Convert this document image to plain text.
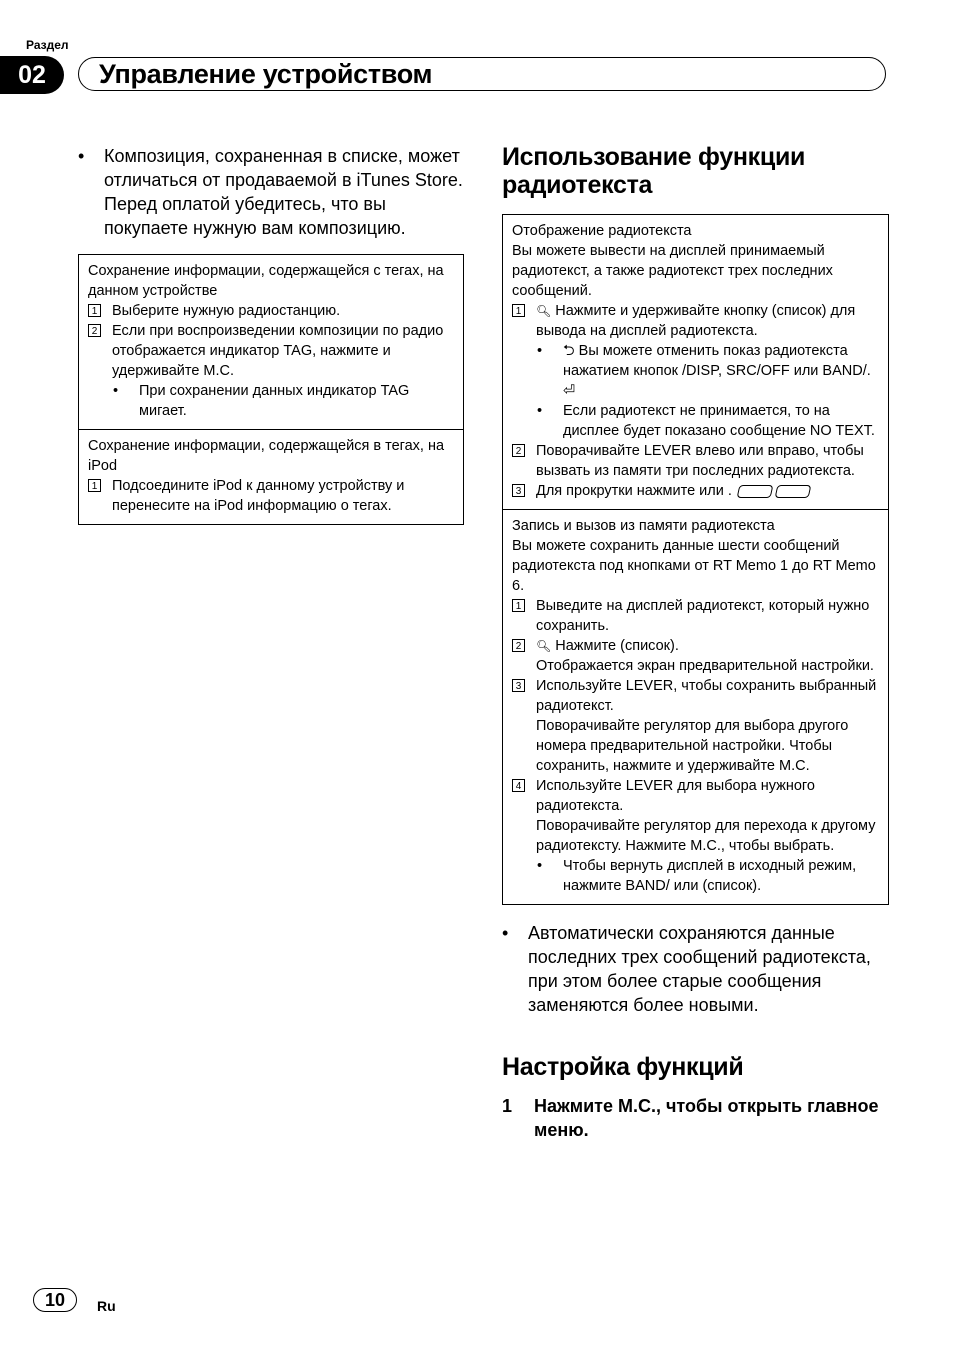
Раздел
02	Управление устройством
•	Композиция, сохраненная в списке, может отличаться от продаваемой в iTunes Store. Перед оплатой убедитесь, что вы покупаете нужную вам композицию.
Сохранение информации, содержащейся с тегах, на данном устройстве
1 Выберите нужную радиостанцию.
2 Если при воспроизведении композиции по радио отображается индикатор TAG, нажмите и удерживайте M.C.
•	При сохранении данных индикатор TAG мигает.
Сохранение информации, содержащейся в тегах, на iPod
1 Подсоедините iPod к данному устройству и перенесите на iPod информацию о тегах.
Использование функции радиотекста
Отображение радиотекста
Вы можете вывести на дисплей принимаемый радиотекст, а также радиотекст трех последних сообщений.
1	🔍︎ Нажмите и удерживайте кнопку (список) для вывода на дисплей радиотекста.
•	⮌ Вы можете отменить показ радиотекста нажатием кнопок /DISP, SRC/OFF или BAND/. ⏎
•	Если радиотекст не принимается, то на дисплее будет показано сообщение NO TEXT.
2 Поворачивайте LEVER влево или вправо, чтобы вызвать из памяти три последних радиотекста.
3 Для прокрутки нажмите или .
Запись и вызов из памяти радиотекста
Вы можете сохранить данные шести сообщений радиотекста под кнопками от RT Memo 1 до RT Memo 6.
1 Выведите на дисплей радиотекст, который нужно сохранить.
2	🔍︎ Нажмите (список).
Отображается экран предварительной настройки.
3 Используйте LEVER, чтобы сохранить выбранный радиотекст.
Поворачивайте регулятор для выбора другого номера предварительной настройки. Чтобы сохранить, нажмите и удерживайте M.C.
4 Используйте LEVER для выбора нужного радиотекста.
Поворачивайте регулятор для перехода к другому радиотексту. Нажмите M.C., чтобы выбрать.
•	Чтобы вернуть дисплей в исходный режим, нажмите BAND/ или (список).
•	Автоматически сохраняются данные последних трех сообщений радиотекста, при этом более старые сообщения заменяются более новыми.
Настройка функций
1	Нажмите M.C., чтобы открыть главное меню.
10	Ru
